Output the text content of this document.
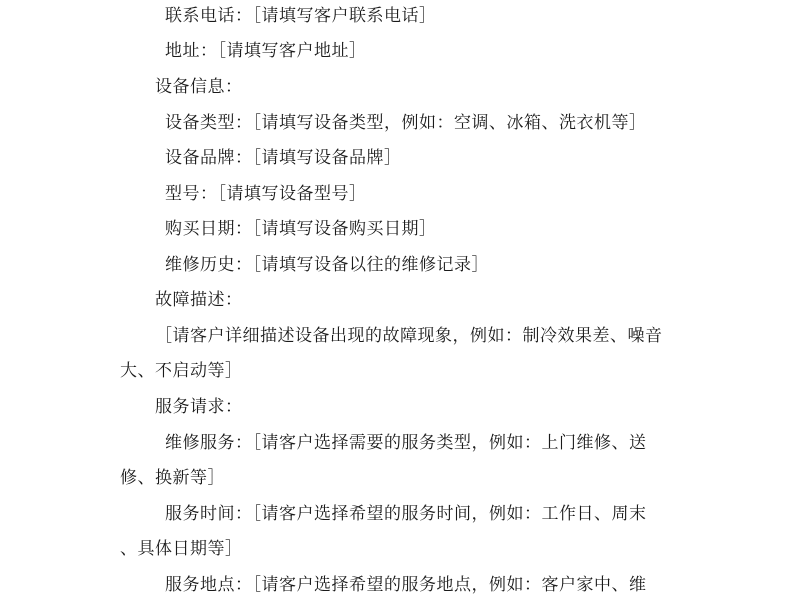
联系电话：［请填写客户联系电话］
地址：［请填写客户地址］
设备信息：
设备类型：［请填写设备类型，例如：空调、冰箱、洗衣机等］
设备品牌：［请填写设备品牌］
型号：［请填写设备型号］
购买日期：［请填写设备购买日期］
维修历史：［请填写设备以往的维修记录］
故障描述：
［请客户详细描述设备出现的故障现象，例如：制冷效果差、噪音
大、不启动等］
服务请求：
维修服务：［请客户选择需要的服务类型，例如：上门维修、送
修、换新等］
服务时间：［请客户选择希望的服务时间，例如：工作日、周末
、具体日期等］
服务地点：［请客户选择希望的服务地点，例如：客户家中、维
